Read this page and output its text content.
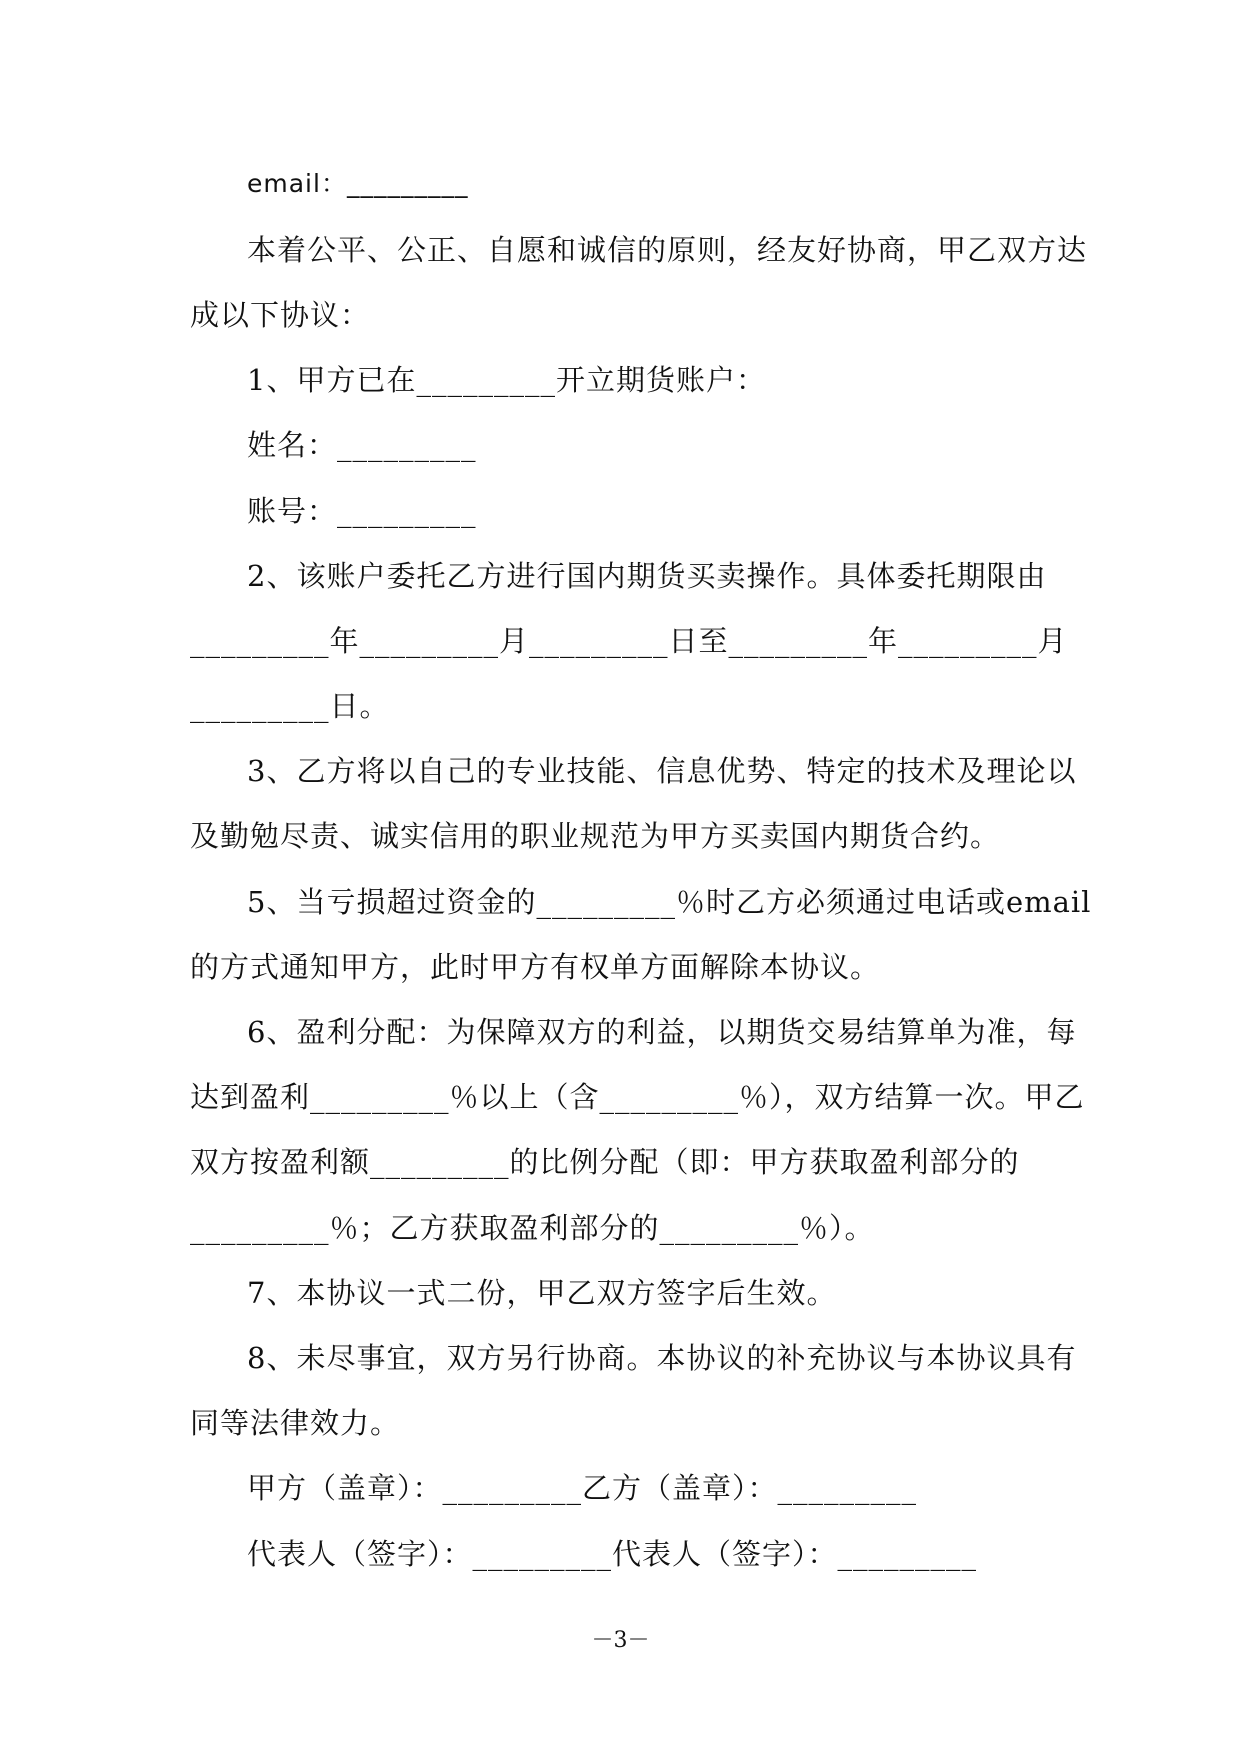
email：_________
本着公平、公正、自愿和诚信的原则，经友好协商，甲乙双方达
成以下协议：
1、甲方已在_________开立期货账户：
姓名：_________
账号：_________
2、该账户委托乙方进行国内期货买卖操作。具体委托期限由
_________年_________月_________日至_________年_________月
_________日。
3、乙方将以自己的专业技能、信息优势、特定的技术及理论以
及勤勉尽责、诚实信用的职业规范为甲方买卖国内期货合约。
5、当亏损超过资金的_________％时乙方必须通过电话或email
的方式通知甲方，此时甲方有权单方面解除本协议。
6、盈利分配：为保障双方的利益，以期货交易结算单为准，每
达到盈利_________％以上（含_________％），双方结算一次。甲乙
双方按盈利额_________的比例分配（即：甲方获取盈利部分的
_________％；乙方获取盈利部分的_________％）。
7、本协议一式二份，甲乙双方签字后生效。
8、未尽事宜，双方另行协商。本协议的补充协议与本协议具有
同等法律效力。
甲方（盖章）：_________乙方（盖章）：_________
代表人（签字）：_________代表人（签字）：_________
－3－
